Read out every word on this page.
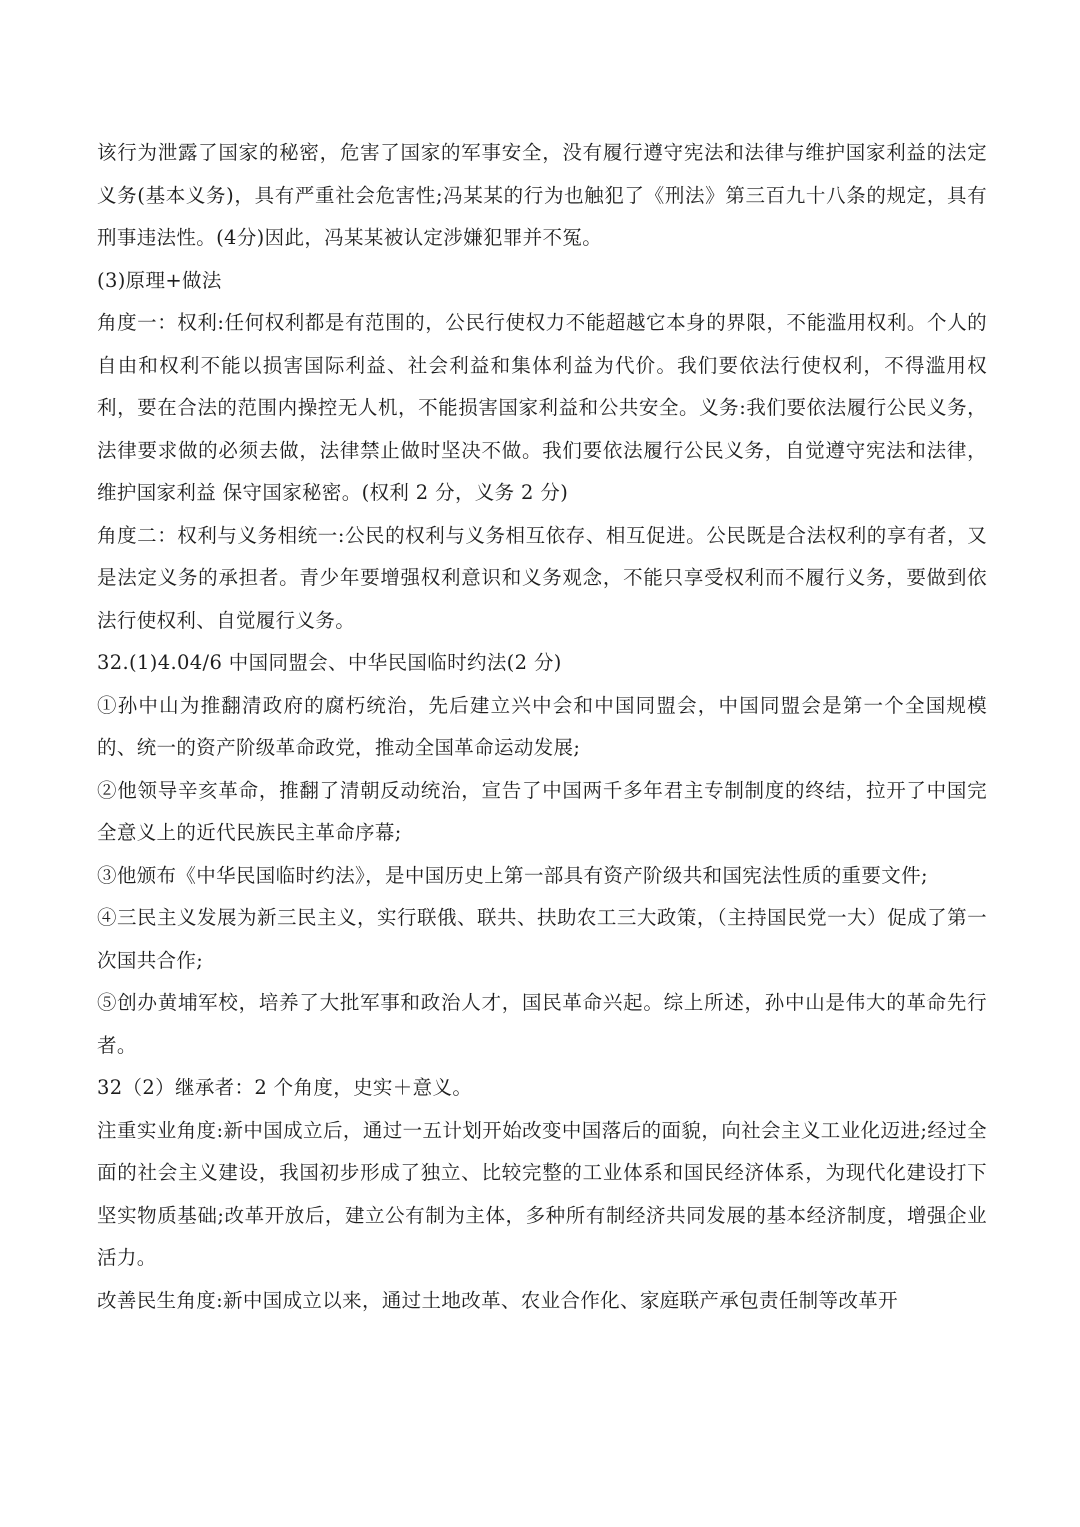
该行为泄露了国家的秘密，危害了国家的军事安全，没有履行遵守宪法和法律与维护国家利益的法定义务(基本义务)，具有严重社会危害性;冯某某的行为也触犯了《刑法》第三百九十八条的规定，具有刑事违法性。(4分)因此，冯某某被认定涉嫌犯罪并不冤。

(3)原理+做法

角度一：权利:任何权利都是有范围的，公民行使权力不能超越它本身的界限，不能滥用权利。个人的自由和权利不能以损害国际利益、社会利益和集体利益为代价。我们要依法行使权利，不得滥用权利，要在合法的范围内操控无人机，不能损害国家利益和公共安全。义务:我们要依法履行公民义务，法律要求做的必须去做，法律禁止做时坚决不做。我们要依法履行公民义务，自觉遵守宪法和法律，维护国家利益 保守国家秘密。(权利 2 分，义务 2 分)

角度二：权利与义务相统一:公民的权利与义务相互依存、相互促进。公民既是合法权利的享有者，又是法定义务的承担者。青少年要增强权利意识和义务观念，不能只享受权利而不履行义务，要做到依法行使权利、自觉履行义务。

32.(1)4.04/6 中国同盟会、中华民国临时约法(2 分)

①孙中山为推翻清政府的腐朽统治，先后建立兴中会和中国同盟会，中国同盟会是第一个全国规模的、统一的资产阶级革命政党，推动全国革命运动发展;

②他领导辛亥革命，推翻了清朝反动统治，宣告了中国两千多年君主专制制度的终结，拉开了中国完全意义上的近代民族民主革命序幕;

③他颁布《中华民国临时约法》，是中国历史上第一部具有资产阶级共和国宪法性质的重要文件;

④三民主义发展为新三民主义，实行联俄、联共、扶助农工三大政策，（主持国民党一大）促成了第一次国共合作;

⑤创办黄埔军校，培养了大批军事和政治人才，国民革命兴起。综上所述，孙中山是伟大的革命先行者。

32（2）继承者：2 个角度，史实＋意义。

注重实业角度:新中国成立后，通过一五计划开始改变中国落后的面貌，向社会主义工业化迈进;经过全面的社会主义建设，我国初步形成了独立、比较完整的工业体系和国民经济体系，为现代化建设打下坚实物质基础;改革开放后，建立公有制为主体，多种所有制经济共同发展的基本经济制度，增强企业活力。

改善民生角度:新中国成立以来，通过土地改革、农业合作化、家庭联产承包责任制等改革开
